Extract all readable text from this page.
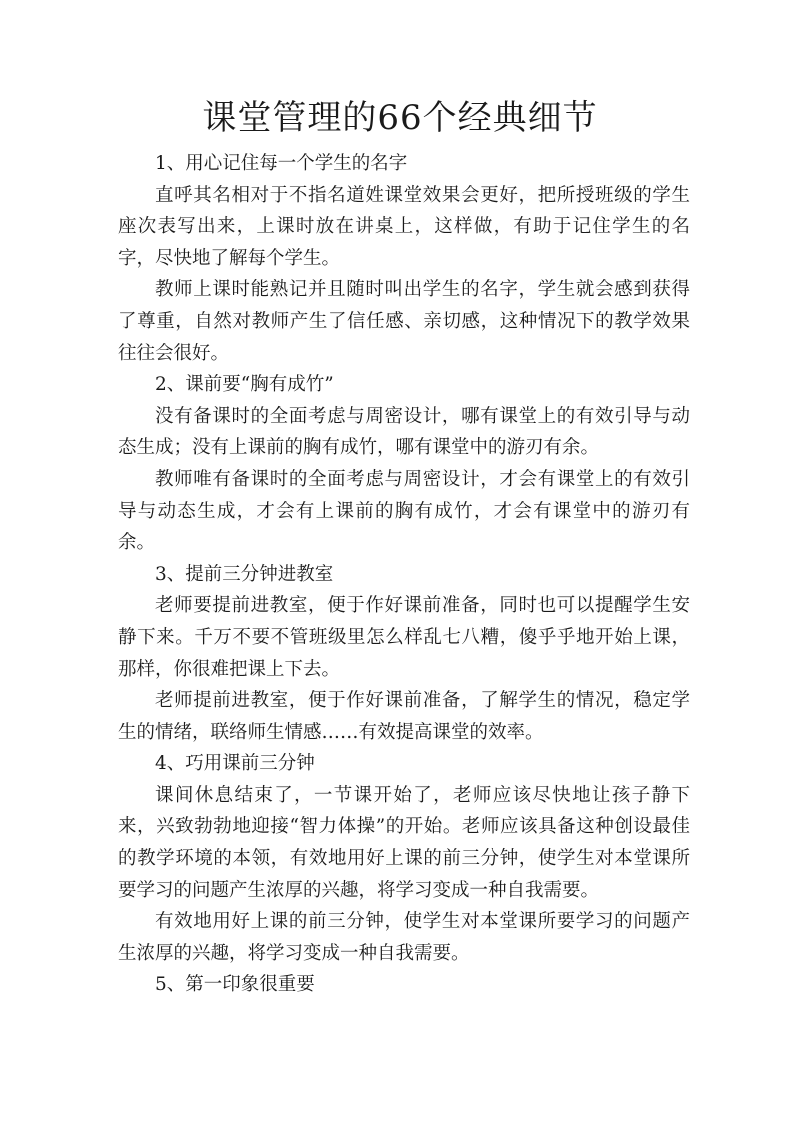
课堂管理的66个经典细节

1、用心记住每一个学生的名字

直呼其名相对于不指名道姓课堂效果会更好，把所授班级的学生座次表写出来，上课时放在讲桌上，这样做，有助于记住学生的名字，尽快地了解每个学生。

教师上课时能熟记并且随时叫出学生的名字，学生就会感到获得了尊重，自然对教师产生了信任感、亲切感，这种情况下的教学效果往往会很好。

2、课前要“胸有成竹”

没有备课时的全面考虑与周密设计，哪有课堂上的有效引导与动态生成；没有上课前的胸有成竹，哪有课堂中的游刃有余。

教师唯有备课时的全面考虑与周密设计，才会有课堂上的有效引导与动态生成，才会有上课前的胸有成竹，才会有课堂中的游刃有余。

3、提前三分钟进教室

老师要提前进教室，便于作好课前准备，同时也可以提醒学生安静下来。千万不要不管班级里怎么样乱七八糟，傻乎乎地开始上课，那样，你很难把课上下去。

老师提前进教室，便于作好课前准备，了解学生的情况，稳定学生的情绪，联络师生情感……有效提高课堂的效率。

4、巧用课前三分钟

课间休息结束了，一节课开始了，老师应该尽快地让孩子静下来，兴致勃勃地迎接“智力体操”的开始。老师应该具备这种创设最佳的教学环境的本领，有效地用好上课的前三分钟，使学生对本堂课所要学习的问题产生浓厚的兴趣，将学习变成一种自我需要。

有效地用好上课的前三分钟，使学生对本堂课所要学习的问题产生浓厚的兴趣，将学习变成一种自我需要。

5、第一印象很重要
